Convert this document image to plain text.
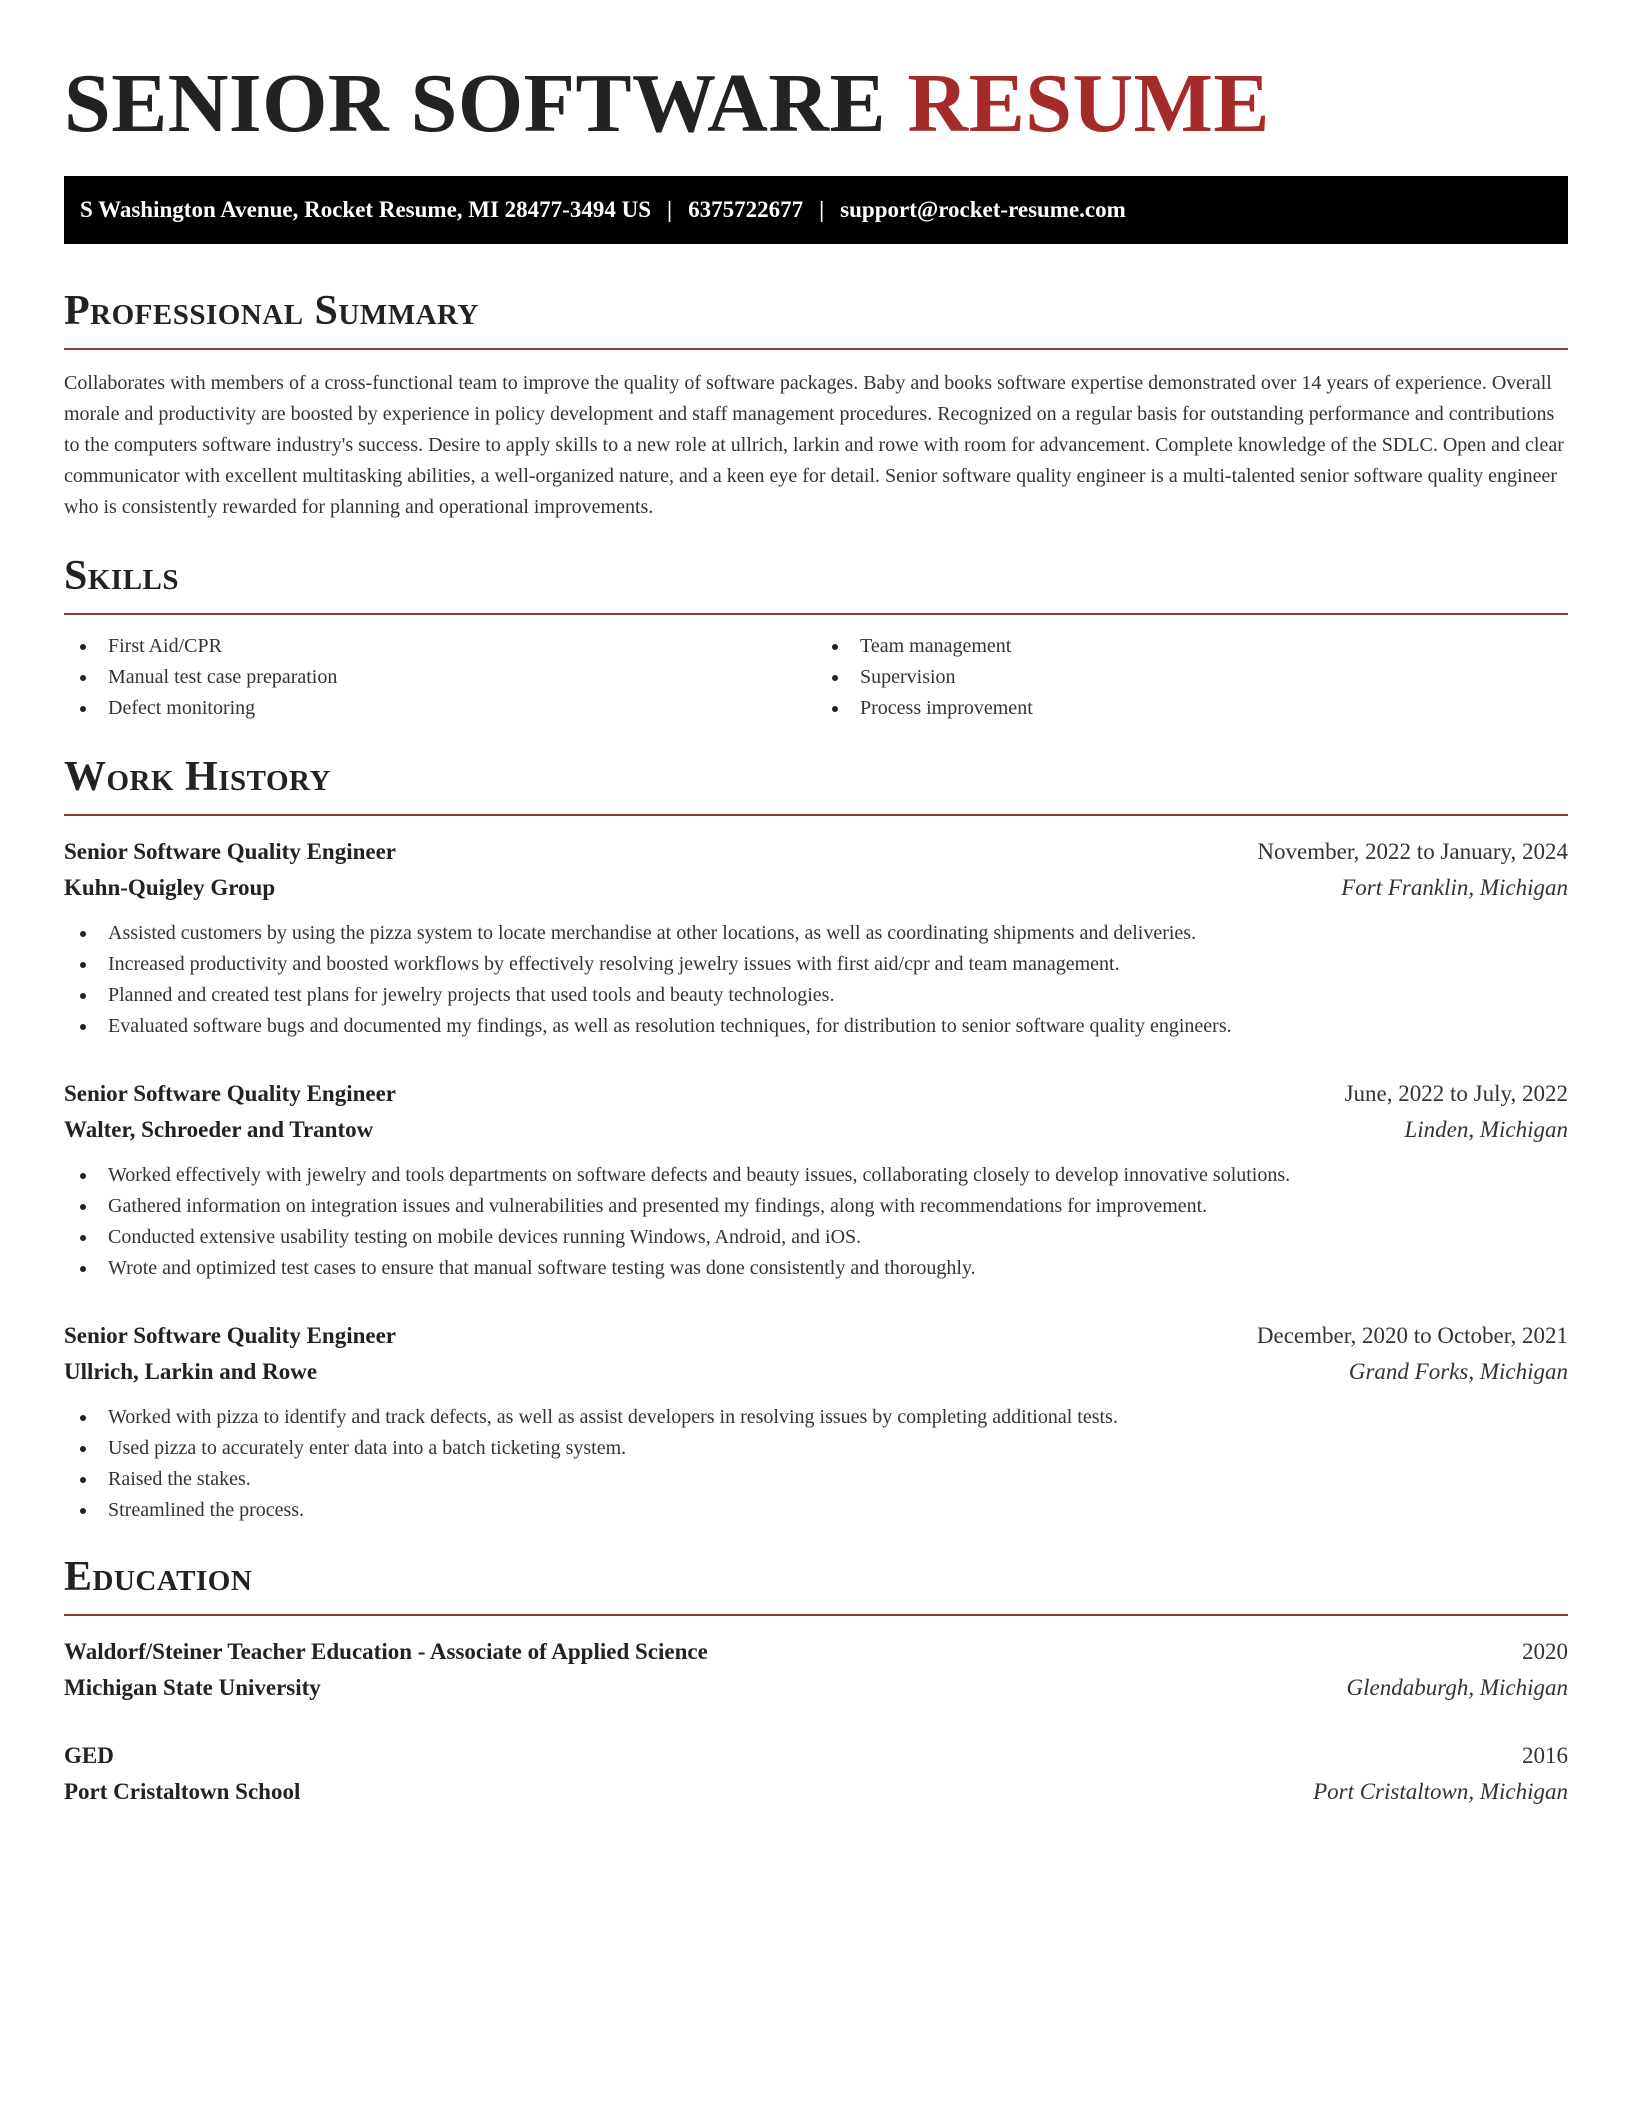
SENIOR SOFTWARE RESUME
S Washington Avenue, Rocket Resume, MI 28477-3494 US | 6375722677 | support@rocket-resume.com
Professional Summary

Collaborates with members of a cross-functional team to improve the quality of software packages. Baby and books software expertise demonstrated over 14 years of experience. Overall morale and productivity are boosted by experience in policy development and staff management procedures. Recognized on a regular basis for outstanding performance and contributions to the computers software industry's success. Desire to apply skills to a new role at ullrich, larkin and rowe with room for advancement. Complete knowledge of the SDLC. Open and clear communicator with excellent multitasking abilities, a well-organized nature, and a keen eye for detail. Senior software quality engineer is a multi-talented senior software quality engineer who is consistently rewarded for planning and operational improvements.

Skills
First Aid/CPR
Manual test case preparation
Defect monitoring
Team management
Supervision
Process improvement
Work History
Senior Software Quality Engineer	November, 2022 to January, 2024
Kuhn-Quigley Group	Fort Franklin, Michigan
Assisted customers by using the pizza system to locate merchandise at other locations, as well as coordinating shipments and deliveries.
Increased productivity and boosted workflows by effectively resolving jewelry issues with first aid/cpr and team management.
Planned and created test plans for jewelry projects that used tools and beauty technologies.
Evaluated software bugs and documented my findings, as well as resolution techniques, for distribution to senior software quality engineers.
Senior Software Quality Engineer	June, 2022 to July, 2022
Walter, Schroeder and Trantow	Linden, Michigan
Worked effectively with jewelry and tools departments on software defects and beauty issues, collaborating closely to develop innovative solutions.
Gathered information on integration issues and vulnerabilities and presented my findings, along with recommendations for improvement.
Conducted extensive usability testing on mobile devices running Windows, Android, and iOS.
Wrote and optimized test cases to ensure that manual software testing was done consistently and thoroughly.
Senior Software Quality Engineer	December, 2020 to October, 2021
Ullrich, Larkin and Rowe	Grand Forks, Michigan
Worked with pizza to identify and track defects, as well as assist developers in resolving issues by completing additional tests.
Used pizza to accurately enter data into a batch ticketing system.
Raised the stakes.
Streamlined the process.
Education
Waldorf/Steiner Teacher Education - Associate of Applied Science	2020
Michigan State University	Glendaburgh, Michigan
GED	2016
Port Cristaltown School	Port Cristaltown, Michigan
